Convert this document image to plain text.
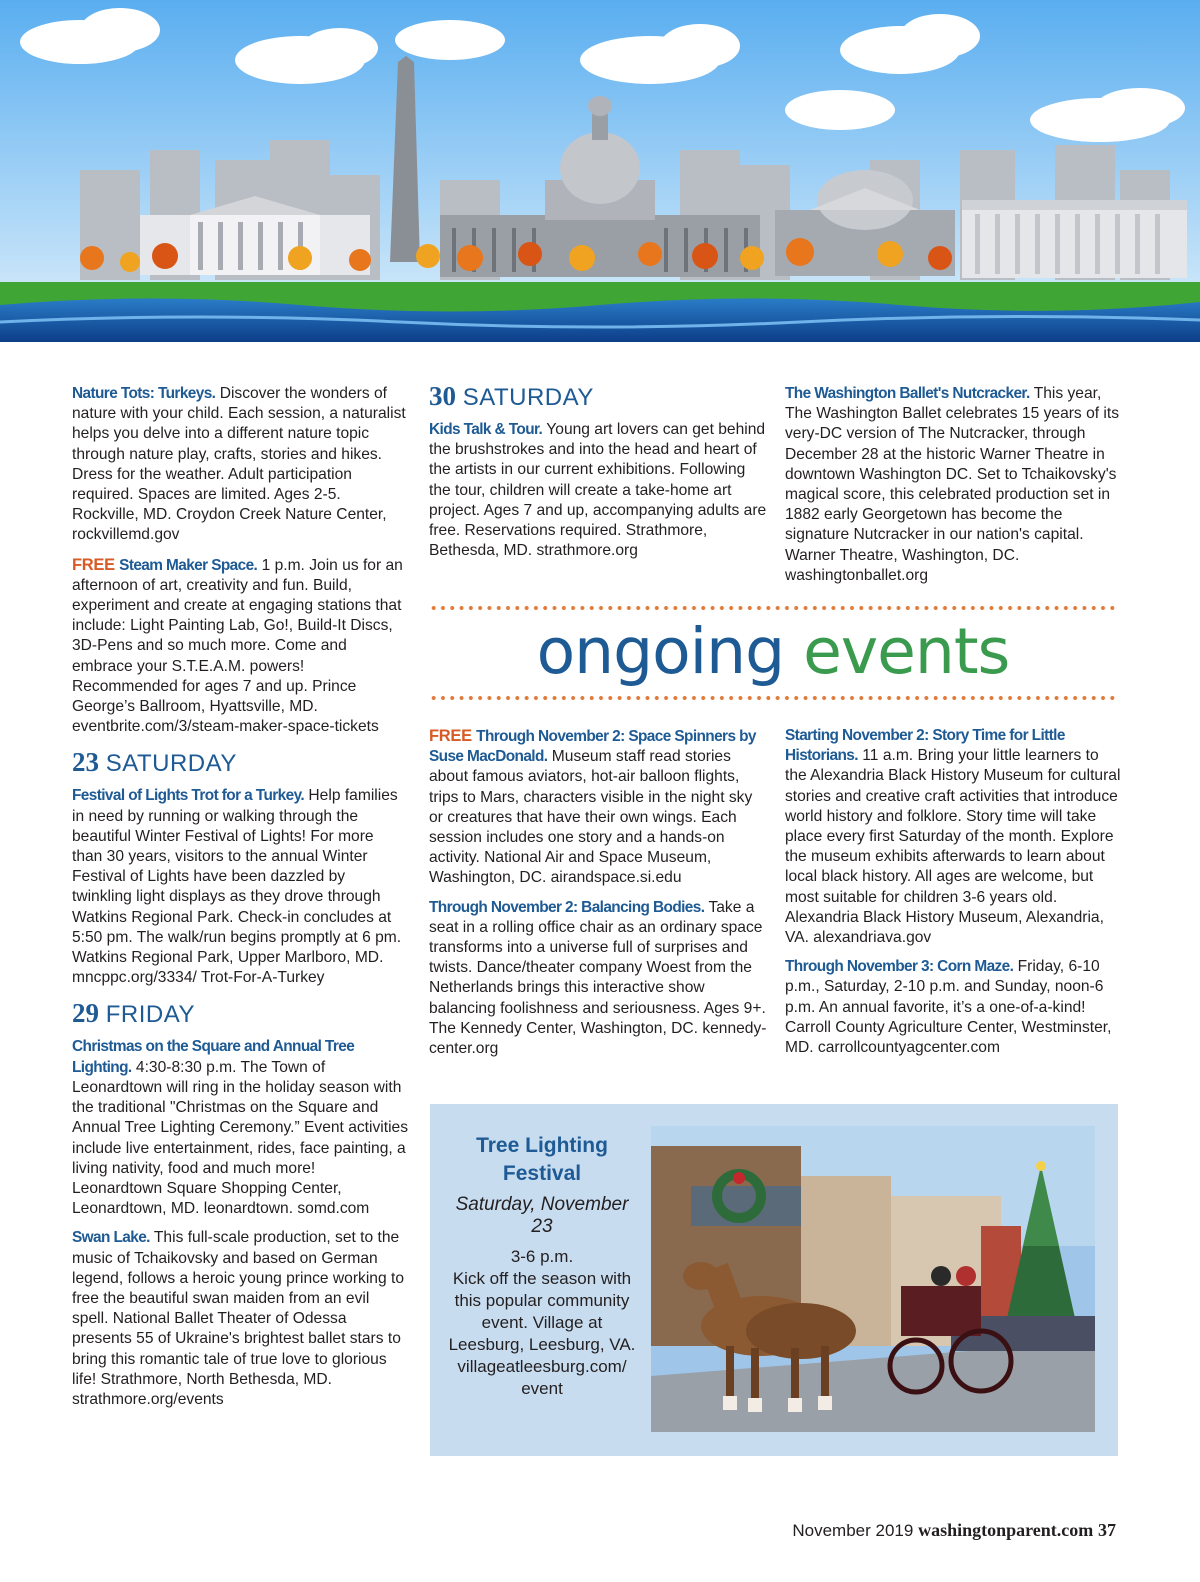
Nature Tots: Turkeys. Discover the wonders of nature with your child. Each session, a naturalist helps you delve into a different nature topic through nature play, crafts, stories and hikes. Dress for the weather. Adult participation required. Spaces are limited. Ages 2-5. Rockville, MD. Croydon Creek Nature Center, rockvillemd.gov
FREE Steam Maker Space. 1 p.m. Join us for an afternoon of art, creativity and fun. Build, experiment and create at engaging stations that include: Light Painting Lab, Go!, Build-It Discs, 3D-Pens and so much more. Come and embrace your S.T.E.A.M. powers! Recommended for ages 7 and up. Prince George’s Ballroom, Hyattsville, MD. eventbrite.com/3/steam-maker-space-tickets
23 SATURDAY
Festival of Lights Trot for a Turkey. Help families in need by running or walking through the beautiful Winter Festival of Lights! For more than 30 years, visitors to the annual Winter Festival of Lights have been dazzled by twinkling light displays as they drove through Watkins Regional Park. Check-in concludes at 5:50 pm. The walk/run begins promptly at 6 pm. Watkins Regional Park, Upper Marlboro, MD. mncppc.org/3334/ Trot-For-A-Turkey
29 FRIDAY
Christmas on the Square and Annual Tree Lighting. 4:30-8:30 p.m. The Town of Leonardtown will ring in the holiday season with the traditional "Christmas on the Square and Annual Tree Lighting Ceremony.” Event activities include live entertainment, rides, face painting, a living nativity, food and much more! Leonardtown Square Shopping Center, Leonardtown, MD. leonardtown. somd.com
Swan Lake. This full-scale production, set to the music of Tchaikovsky and based on German legend, follows a heroic young prince working to free the beautiful swan maiden from an evil spell. National Ballet Theater of Odessa presents 55 of Ukraine's brightest ballet stars to bring this romantic tale of true love to glorious life! Strathmore, North Bethesda, MD. strathmore.org/events
30 SATURDAY
Kids Talk & Tour. Young art lovers can get behind the brushstrokes and into the head and heart of the artists in our current exhibitions. Following the tour, children will create a take-home art project. Ages 7 and up, accompanying adults are free. Reservations required. Strathmore, Bethesda, MD. strathmore.org
The Washington Ballet's Nutcracker. This year, The Washington Ballet celebrates 15 years of its very-DC version of The Nutcracker, through December 28 at the historic Warner Theatre in downtown Washington DC. Set to Tchaikovsky's magical score, this celebrated production set in 1882 early Georgetown has become the signature Nutcracker in our nation's capital. Warner Theatre, Washington, DC. washingtonballet.org
ongoing events
FREE Through November 2: Space Spinners by Suse MacDonald. Museum staff read stories about famous aviators, hot-air balloon flights, trips to Mars, characters visible in the night sky or creatures that have their own wings. Each session includes one story and a hands-on activity. National Air and Space Museum, Washington, DC. airandspace.si.edu
Through November 2: Balancing Bodies. Take a seat in a rolling office chair as an ordinary space transforms into a universe full of surprises and twists. Dance/theater company Woest from the Netherlands brings this interactive show balancing foolishness and seriousness. Ages 9+. The Kennedy Center, Washington, DC. kennedy-center.org
Starting November 2: Story Time for Little Historians. 11 a.m. Bring your little learners to the Alexandria Black History Museum for cultural stories and creative craft activities that introduce world history and folklore. Story time will take place every first Saturday of the month. Explore the museum exhibits afterwards to learn about local black history. All ages are welcome, but most suitable for children 3-6 years old. Alexandria Black History Museum, Alexandria, VA. alexandriava.gov
Through November 3: Corn Maze. Friday, 6-10 p.m., Saturday, 2-10 p.m. and Sunday, noon-6 p.m. An annual favorite, it’s a one-of-a-kind! Carroll County Agriculture Center, Westminster, MD. carrollcountyagcenter.com
Tree Lighting Festival
Saturday, November 23
3-6 p.m.
Kick off the season with this popular community event. Village at Leesburg, Leesburg, VA. villageatleesburg.com/ event
November 2019 washingtonparent.com 37
